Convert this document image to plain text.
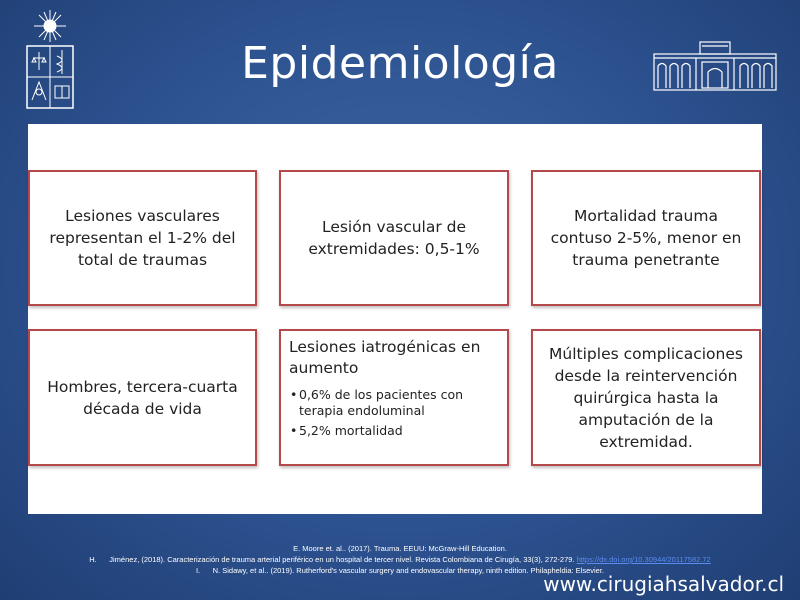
Epidemiología
Lesiones vasculares representan el 1-2% del total de traumas
Lesión vascular de extremidades: 0,5-1%
Mortalidad trauma contuso 2-5%, menor en trauma penetrante
Hombres, tercera-cuarta década de vida
Lesiones iatrogénicas en aumento
• 0,6% de los pacientes con terapia endoluminal
• 5,2% mortalidad
Múltiples complicaciones desde la reintervención quirúrgica hasta la amputación de la extremidad.
E. Moore et. al.. (2017). Trauma. EEUU: McGraw-Hill Education.
H. Jiménez, (2018). Caracterización de trauma arterial periférico en un hospital de tercer nivel. Revista Colombiana de Cirugía, 33(3), 272-279. https://dx.doi.org/10.30944/20117582.72
I. N. Sidawy, et al.. (2019). Rutherford's vascular surgery and endovascular therapy, ninth edition. Philapheldia: Elsevier.
www.cirugiahsalvador.cl
